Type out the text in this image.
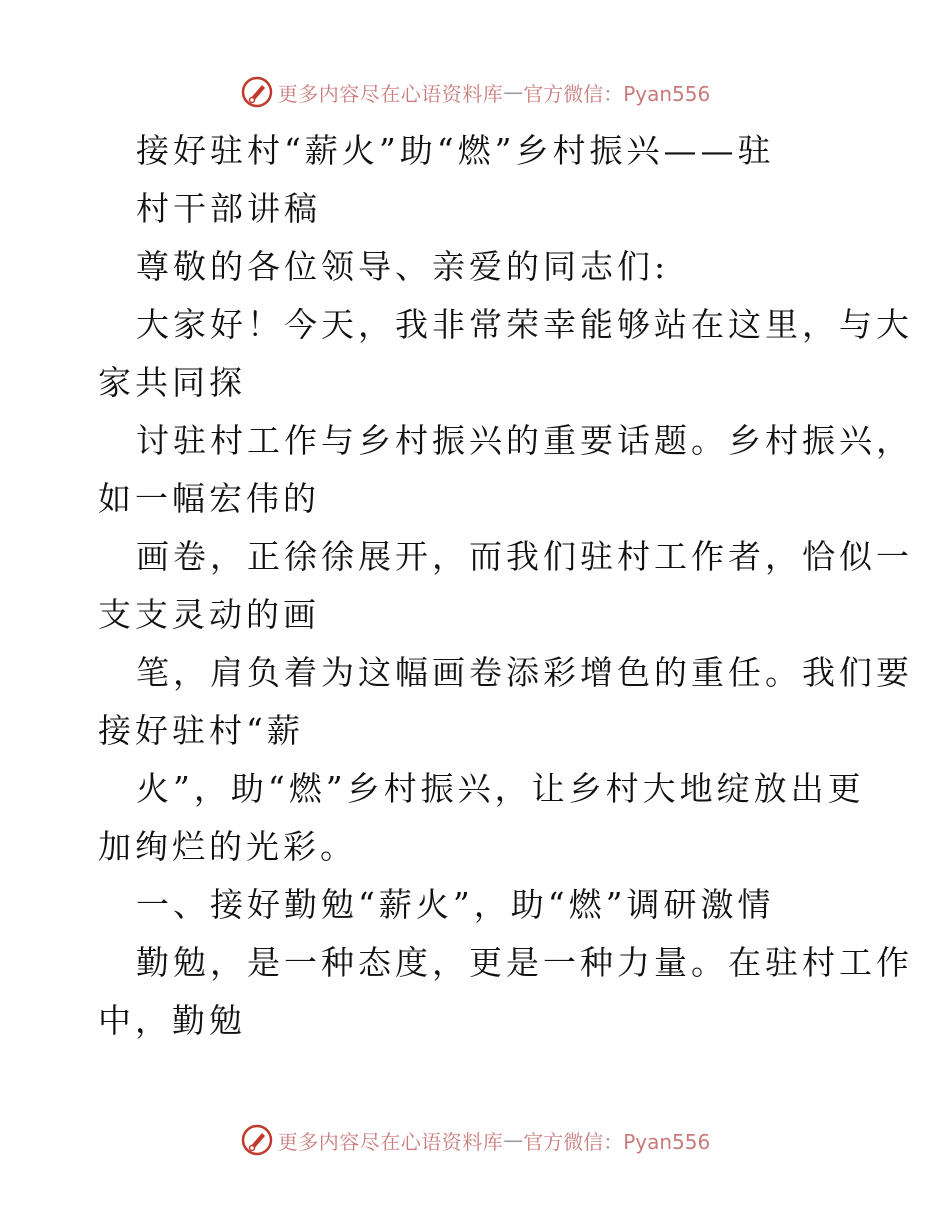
更多内容尽在心语资料库 — 官方微信：Pyan556
接好驻村“薪火”助“燃”乡村振兴——驻
村干部讲稿
尊敬的各位领导、亲爱的同志们:
大家好！今天，我非常荣幸能够站在这里，与大
家共同探
讨驻村工作与乡村振兴的重要话题。乡村振兴，
如一幅宏伟的
画卷，正徐徐展开，而我们驻村工作者，恰似一
支支灵动的画
笔，肩负着为这幅画卷添彩增色的重任。我们要
接好驻村“薪
火”，助“燃”乡村振兴，让乡村大地绽放出更
加绚烂的光彩。
一、接好勤勉“薪火”，助“燃”调研激情
勤勉，是一种态度，更是一种力量。在驻村工作
中，勤勉
更多内容尽在心语资料库 — 官方微信：Pyan556
